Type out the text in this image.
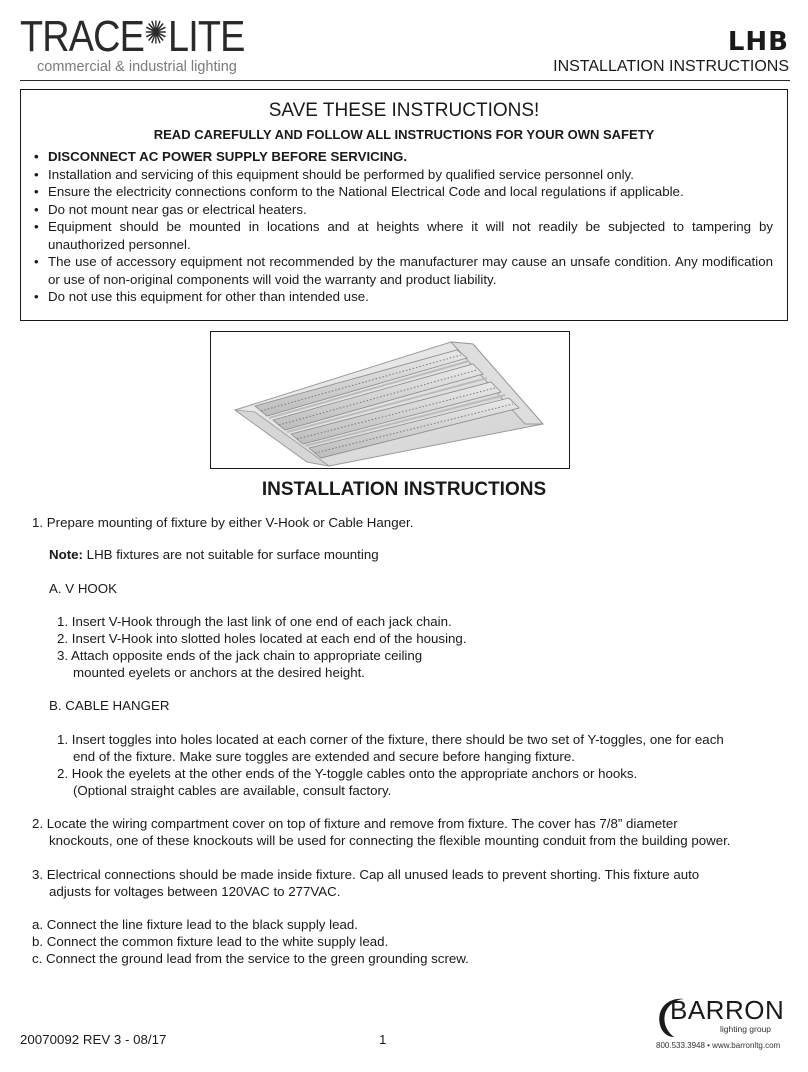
TRACE LITE
commercial & industrial lighting
LHB
INSTALLATION INSTRUCTIONS
SAVE THESE INSTRUCTIONS!
READ CAREFULLY AND FOLLOW ALL INSTRUCTIONS FOR YOUR OWN SAFETY
• DISCONNECT AC POWER SUPPLY BEFORE SERVICING.
• Installation and servicing of this equipment should be performed by qualified service personnel only.
• Ensure the electricity connections conform to the National Electrical Code and local regulations if applicable.
• Do not mount near gas or electrical heaters.
• Equipment should be mounted in locations and at heights where it will not readily be subjected to tampering by unauthorized personnel.
• The use of accessory equipment not recommended by the manufacturer may cause an unsafe condition. Any modification or use of non-original components will void the warranty and product liability.
• Do not use this equipment for other than intended use.
INSTALLATION INSTRUCTIONS
1. Prepare mounting of fixture by either V-Hook or Cable Hanger.
Note: LHB fixtures are not suitable for surface mounting
A. V HOOK
1. Insert V-Hook through the last link of one end of each jack chain.
2. Insert V-Hook into slotted holes located at each end of the housing.
3. Attach opposite ends of the jack chain to appropriate ceiling
mounted eyelets or anchors at the desired height.
B. CABLE HANGER
1. Insert toggles into holes located at each corner of the fixture, there should be two set of Y-toggles, one for each
end of the fixture. Make sure toggles are extended and secure before hanging fixture.
2. Hook the eyelets at the other ends of the Y-toggle cables onto the appropriate anchors or hooks.
(Optional straight cables are available, consult factory.
2. Locate the wiring compartment cover on top of fixture and remove from fixture. The cover has 7/8” diameter
knockouts, one of these knockouts will be used for connecting the flexible mounting conduit from the building power.
3. Electrical connections should be made inside fixture. Cap all unused leads to prevent shorting. This fixture auto
adjusts for voltages between 120VAC to 277VAC.
a. Connect the line fixture lead to the black supply lead.
b. Connect the common fixture lead to the white supply lead.
c. Connect the ground lead from the service to the green grounding screw.
20070092 REV 3 - 08/17	1
BARRON
lighting group
800.533.3948 • www.barronltg.com
